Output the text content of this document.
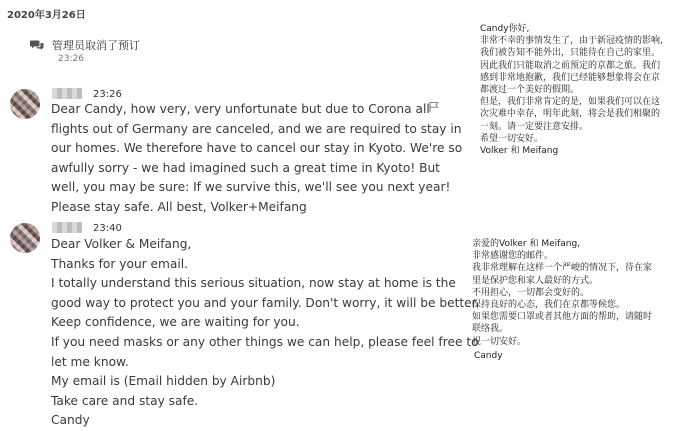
2020年3月26日
管理员取消了预订
23:26
23:26
Dear Candy, how very, very unfortunate but due to Corona all
flights out of Germany are canceled, and we are required to stay in
our homes. We therefore have to cancel our stay in Kyoto. We're so
awfully sorry - we had imagined such a great time in Kyoto! But
well, you may be sure: If we survive this, we'll see you next year!
Please stay safe. All best, Volker+Meifang
23:40
Dear Volker & Meifang,
Thanks for your email.
I totally understand this serious situation, now stay at home is the
good way to protect you and your family. Don't worry, it will be better.
Keep confidence, we are waiting for you.
If you need masks or any other things we can help, please feel free to
let me know.
My email is (Email hidden by Airbnb)
Take care and stay safe.
Candy
Candy你好,
非常不幸的事情发生了，由于新冠疫情的影响,
我们被告知不能外出，只能待在自己的家里。
因此我们只能取消之前预定的京都之旅。我们
感到非常地抱歉，我们已经能够想象将会在京
都渡过一个美好的假期。
但是，我们非常肯定的是，如果我们可以在这
次灾难中幸存，明年此刻，将会是我们相聚的
一刻。请一定要注意安排。
希望一切安好。
Volker 和 Meifang
亲爱的Volker 和 Meifang,
非常感谢您的邮件。
我非常理解在这样一个严峻的情况下，待在家
里是保护您和家人最好的方式。
不用担心，一切都会变好的。
保持良好的心态，我们在京都等候您。
如果您需要口罩或者其他方面的帮助，请随时
联络我。
祝一切安好。
Candy
